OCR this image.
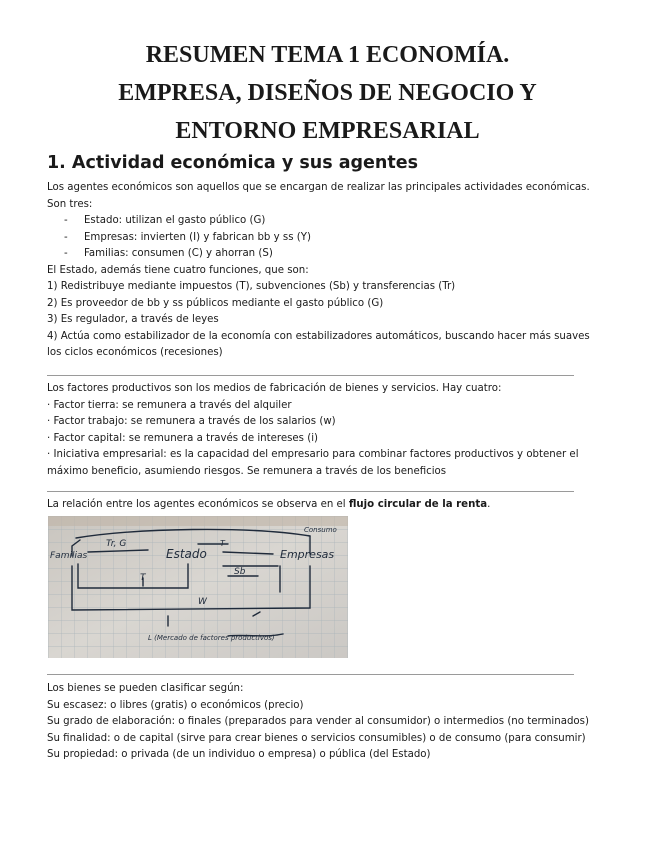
RESUMEN TEMA 1 ECONOMÍA.

EMPRESA, DISEÑOS DE NEGOCIO Y

ENTORNO EMPRESARIAL

1. Actividad económica y sus agentes
Los agentes económicos son aquellos que se encargan de realizar las principales actividades económicas.
Son tres:
- Estado: utilizan el gasto público (G)
- Empresas: invierten (I) y fabrican bb y ss (Y)
- Familias: consumen (C) y ahorran (S)
El Estado, además tiene cuatro funciones, que son:
1) Redistribuye mediante impuestos (T), subvenciones (Sb) y transferencias (Tr)
2) Es proveedor de bb y ss públicos mediante el gasto público (G)
3) Es regulador, a través de leyes
4) Actúa como estabilizador de la economía con estabilizadores automáticos, buscando hacer más suaves
los ciclos económicos (recesiones)
Los factores productivos son los medios de fabricación de bienes y servicios. Hay cuatro:
· Factor tierra: se remunera a través del alquiler
· Factor trabajo: se remunera a través de los salarios (w)
· Factor capital: se remunera a través de intereses (i)
· Iniciativa empresarial: es la capacidad del empresario para combinar factores productivos y obtener el
máximo beneficio, asumiendo riesgos. Se remunera a través de los beneficios
La relación entre los agentes económicos se observa en el flujo circular de la renta.
Familias
Tr, G
Estado
T
Empresas
Sb
Consumo
T
W
L (Mercado de factores productivos)
Los bienes se pueden clasificar según:
Su escasez: o libres (gratis) o económicos (precio)
Su grado de elaboración: o finales (preparados para vender al consumidor) o intermedios (no terminados)
Su finalidad: o de capital (sirve para crear bienes o servicios consumibles) o de consumo (para consumir)
Su propiedad: o privada (de un individuo o empresa) o pública (del Estado)
